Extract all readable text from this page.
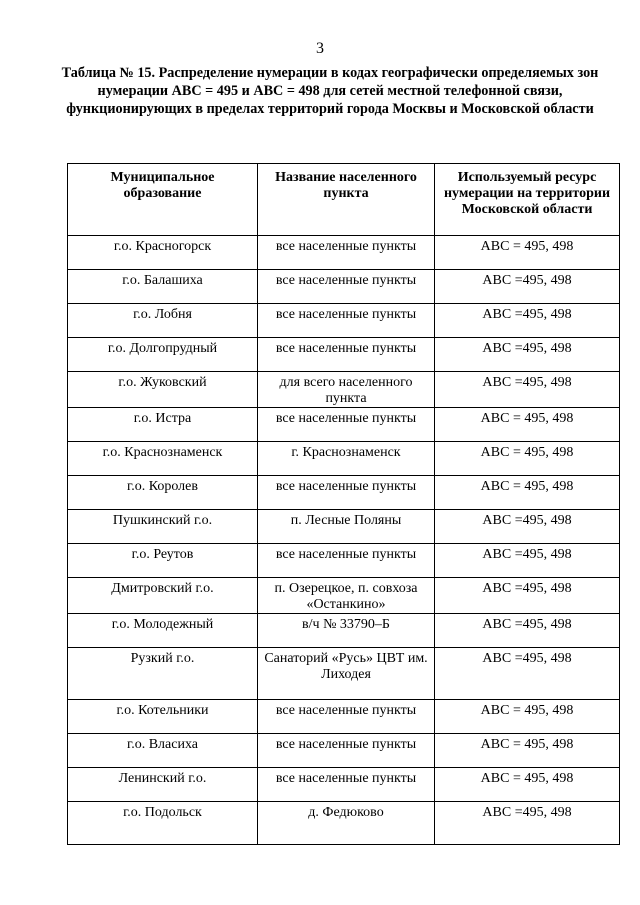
3
Таблица № 15. Распределение нумерации в кодах географически определяемых зон нумерации АВС = 495 и АВС = 498 для сетей местной телефонной связи, функционирующих в пределах территорий города Москвы и Московской области
Муниципальное образование	Название населенного пункта	Используемый ресурс нумерации на территории Московской области
г.о. Красногорск	все населенные пункты	ABC = 495, 498
г.о. Балашиха	все населенные пункты	ABC =495, 498
г.о. Лобня	все населенные пункты	ABC =495, 498
г.о. Долгопрудный	все населенные пункты	ABC =495, 498
г.о. Жуковский	для всего населенного пункта	ABC =495, 498
г.о. Истра	все населенные пункты	ABC = 495, 498
г.о. Краснознаменск	г. Краснознаменск	ABC = 495, 498
г.о. Королев	все населенные пункты	ABC = 495, 498
Пушкинский г.о.	п. Лесные Поляны	ABC =495, 498
г.о. Реутов	все населенные пункты	ABC =495, 498
Дмитровский г.о.	п. Озерецкое, п. совхоза «Останкино»	ABC =495, 498
г.о. Молодежный	в/ч № 33790–Б	ABC =495, 498
Рузкий г.о.	Санаторий «Русь» ЦВТ им. Лиходея	ABC =495, 498
г.о. Котельники	все населенные пункты	ABC = 495, 498
г.о. Власиха	все населенные пункты	ABC = 495, 498
Ленинский г.о.	все населенные пункты	ABC = 495, 498
г.о. Подольск	д. Федюково	ABC =495, 498
